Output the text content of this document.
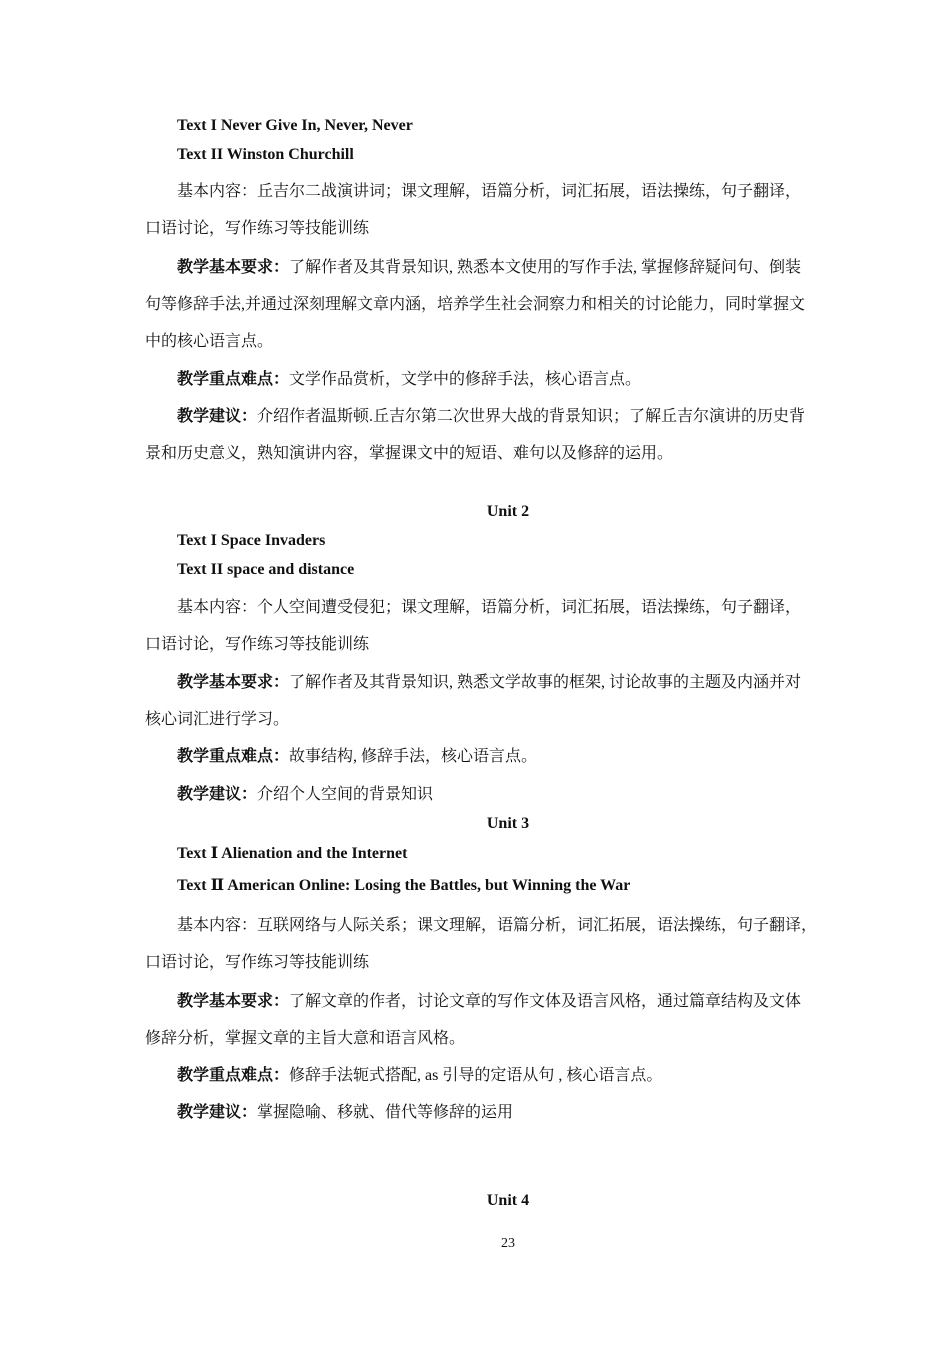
Text I Never Give In, Never, Never
Text II Winston Churchill
基本内容：丘吉尔二战演讲词；课文理解，语篇分析，词汇拓展，语法操练，句子翻译，
口语讨论，写作练习等技能训练
教学基本要求：了解作者及其背景知识, 熟悉本文使用的写作手法, 掌握修辞疑问句、倒装
句等修辞手法,并通过深刻理解文章内涵，培养学生社会洞察力和相关的讨论能力，同时掌握文
中的核心语言点。
教学重点难点：文学作品赏析，文学中的修辞手法，核心语言点。
教学建议：介绍作者温斯顿.丘吉尔第二次世界大战的背景知识；了解丘吉尔演讲的历史背
景和历史意义，熟知演讲内容，掌握课文中的短语、难句以及修辞的运用。
Unit 2
Text I Space Invaders
Text II space and distance
基本内容：个人空间遭受侵犯；课文理解，语篇分析，词汇拓展，语法操练，句子翻译，
口语讨论，写作练习等技能训练
教学基本要求：了解作者及其背景知识, 熟悉文学故事的框架, 讨论故事的主题及内涵并对
核心词汇进行学习。
教学重点难点：故事结构, 修辞手法，核心语言点。
教学建议：介绍个人空间的背景知识
Unit 3
Text Ⅰ Alienation and the Internet
Text Ⅱ American Online: Losing the Battles, but Winning the War
基本内容：互联网络与人际关系；课文理解，语篇分析，词汇拓展，语法操练，句子翻译，
口语讨论，写作练习等技能训练
教学基本要求：了解文章的作者，讨论文章的写作文体及语言风格，通过篇章结构及文体
修辞分析，掌握文章的主旨大意和语言风格。
教学重点难点：修辞手法轭式搭配, as 引导的定语从句 , 核心语言点。
教学建议：掌握隐喻、移就、借代等修辞的运用
Unit 4
23
